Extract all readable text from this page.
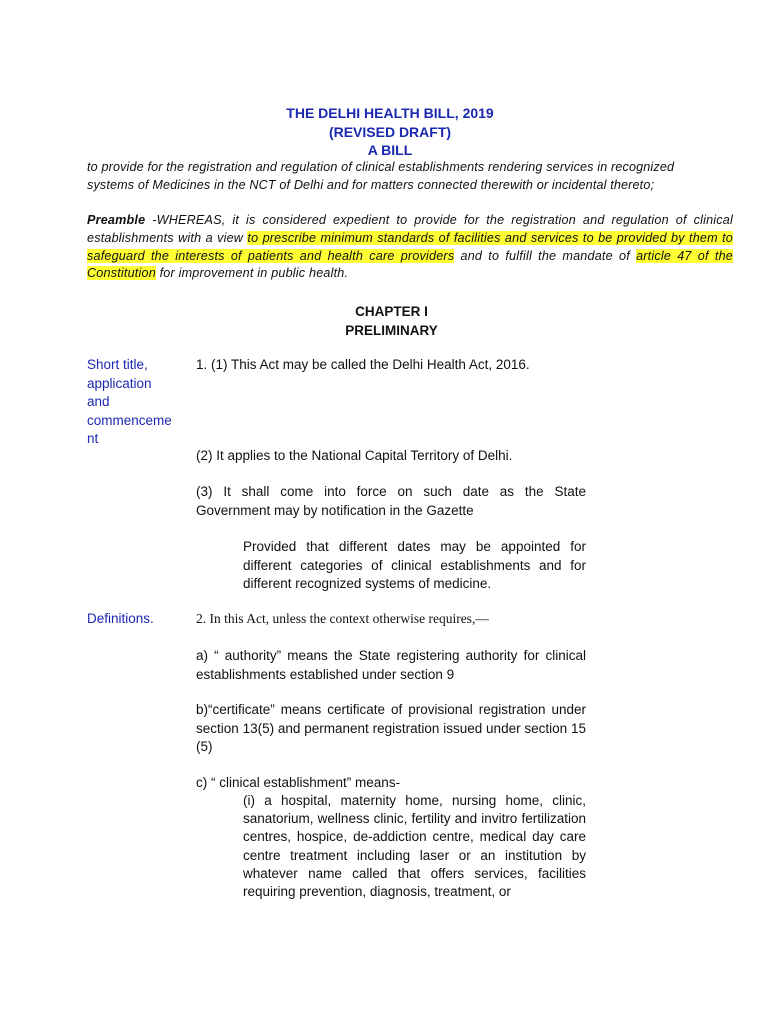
THE DELHI HEALTH BILL, 2019
(REVISED DRAFT)
A BILL
to provide for the registration and regulation of clinical establishments rendering services in recognized
systems of Medicines in the NCT of Delhi and for matters connected therewith or incidental thereto;
Preamble -WHEREAS, it is considered expedient to provide for the registration and regulation of clinical establishments with a view to prescribe minimum standards of facilities and services to be provided by them to safeguard the interests of patients and health care providers and to fulfill the mandate of article 47 of the Constitution for improvement in public health.
CHAPTER I
PRELIMINARY
Short title,
application
and
commenceme
nt
1. (1) This Act may be called the Delhi Health Act, 2016.
(2) It applies to the National Capital Territory of Delhi.
(3) It shall come into force on such date as the State Government may by notification in the Gazette
Provided that different dates may be appointed for different categories of clinical establishments and for different recognized systems of medicine.
Definitions.	2. In this Act, unless the context otherwise requires,—
a) “ authority” means the State registering authority for clinical establishments established under section 9
b)“certificate” means certificate of provisional registration under section 13(5) and permanent registration issued under section 15 (5)
c) “ clinical establishment” means-
(i) a hospital, maternity home, nursing home, clinic, sanatorium, wellness clinic, fertility and invitro fertilization centres, hospice, de-addiction centre, medical day care centre treatment including laser or an institution by whatever name called that offers services, facilities requiring prevention, diagnosis, treatment, or
